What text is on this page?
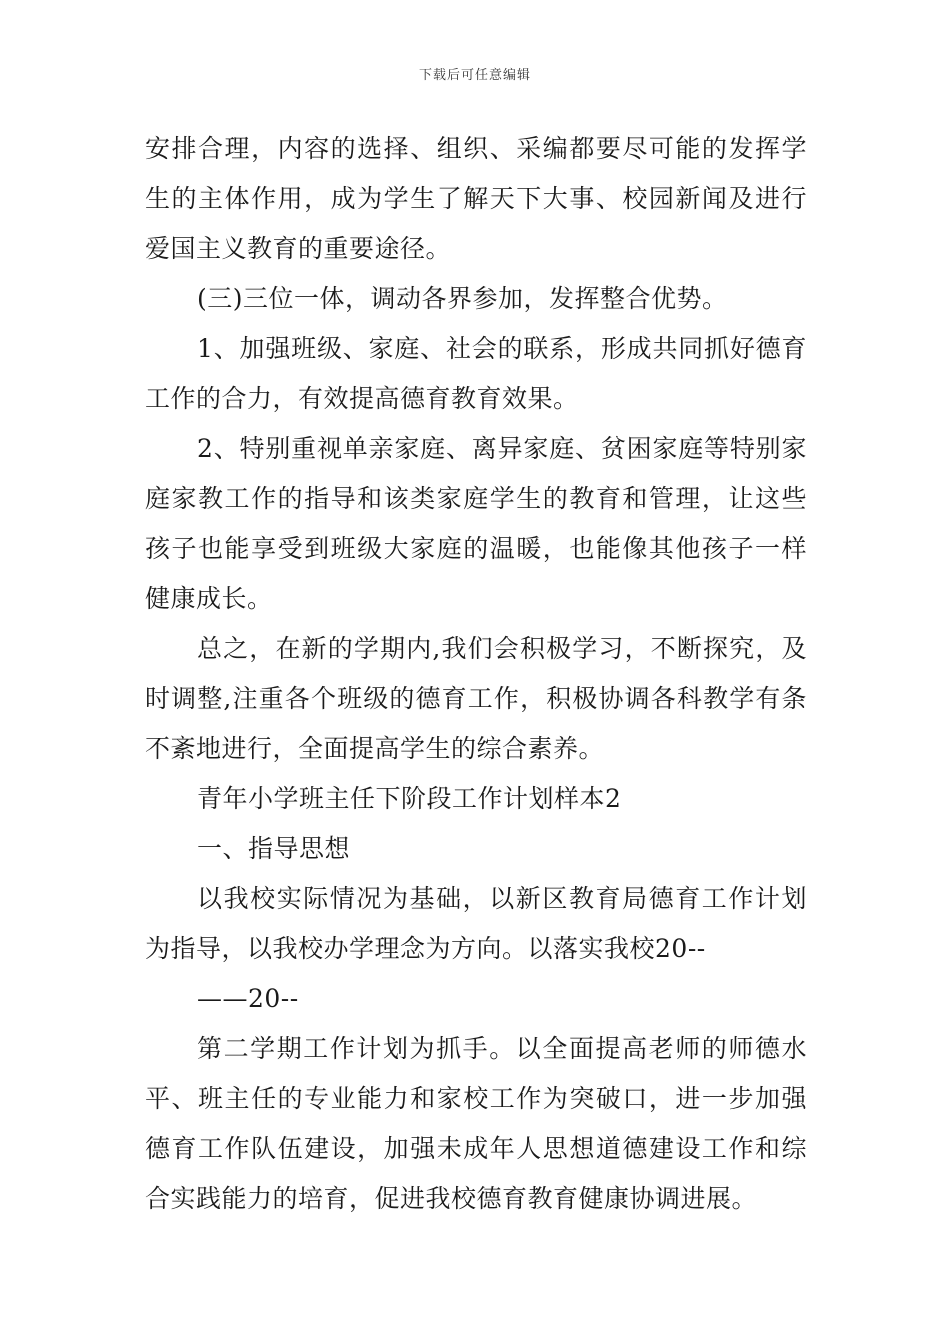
下载后可任意编辑

安排合理，内容的选择、组织、采编都要尽可能的发挥学生的主体作用，成为学生了解天下大事、校园新闻及进行爱国主义教育的重要途径。

(三)三位一体，调动各界参加，发挥整合优势。

1、加强班级、家庭、社会的联系，形成共同抓好德育工作的合力，有效提高德育教育效果。

2、特别重视单亲家庭、离异家庭、贫困家庭等特别家庭家教工作的指导和该类家庭学生的教育和管理，让这些孩子也能享受到班级大家庭的温暖，也能像其他孩子一样健康成长。

总之，在新的学期内,我们会积极学习，不断探究，及时调整,注重各个班级的德育工作，积极协调各科教学有条不紊地进行，全面提高学生的综合素养。

青年小学班主任下阶段工作计划样本2

一、指导思想

以我校实际情况为基础，以新区教育局德育工作计划为指导，以我校办学理念为方向。以落实我校20--

——20--

第二学期工作计划为抓手。以全面提高老师的师德水平、班主任的专业能力和家校工作为突破口，进一步加强德育工作队伍建设，加强未成年人思想道德建设工作和综合实践能力的培育，促进我校德育教育健康协调进展。
